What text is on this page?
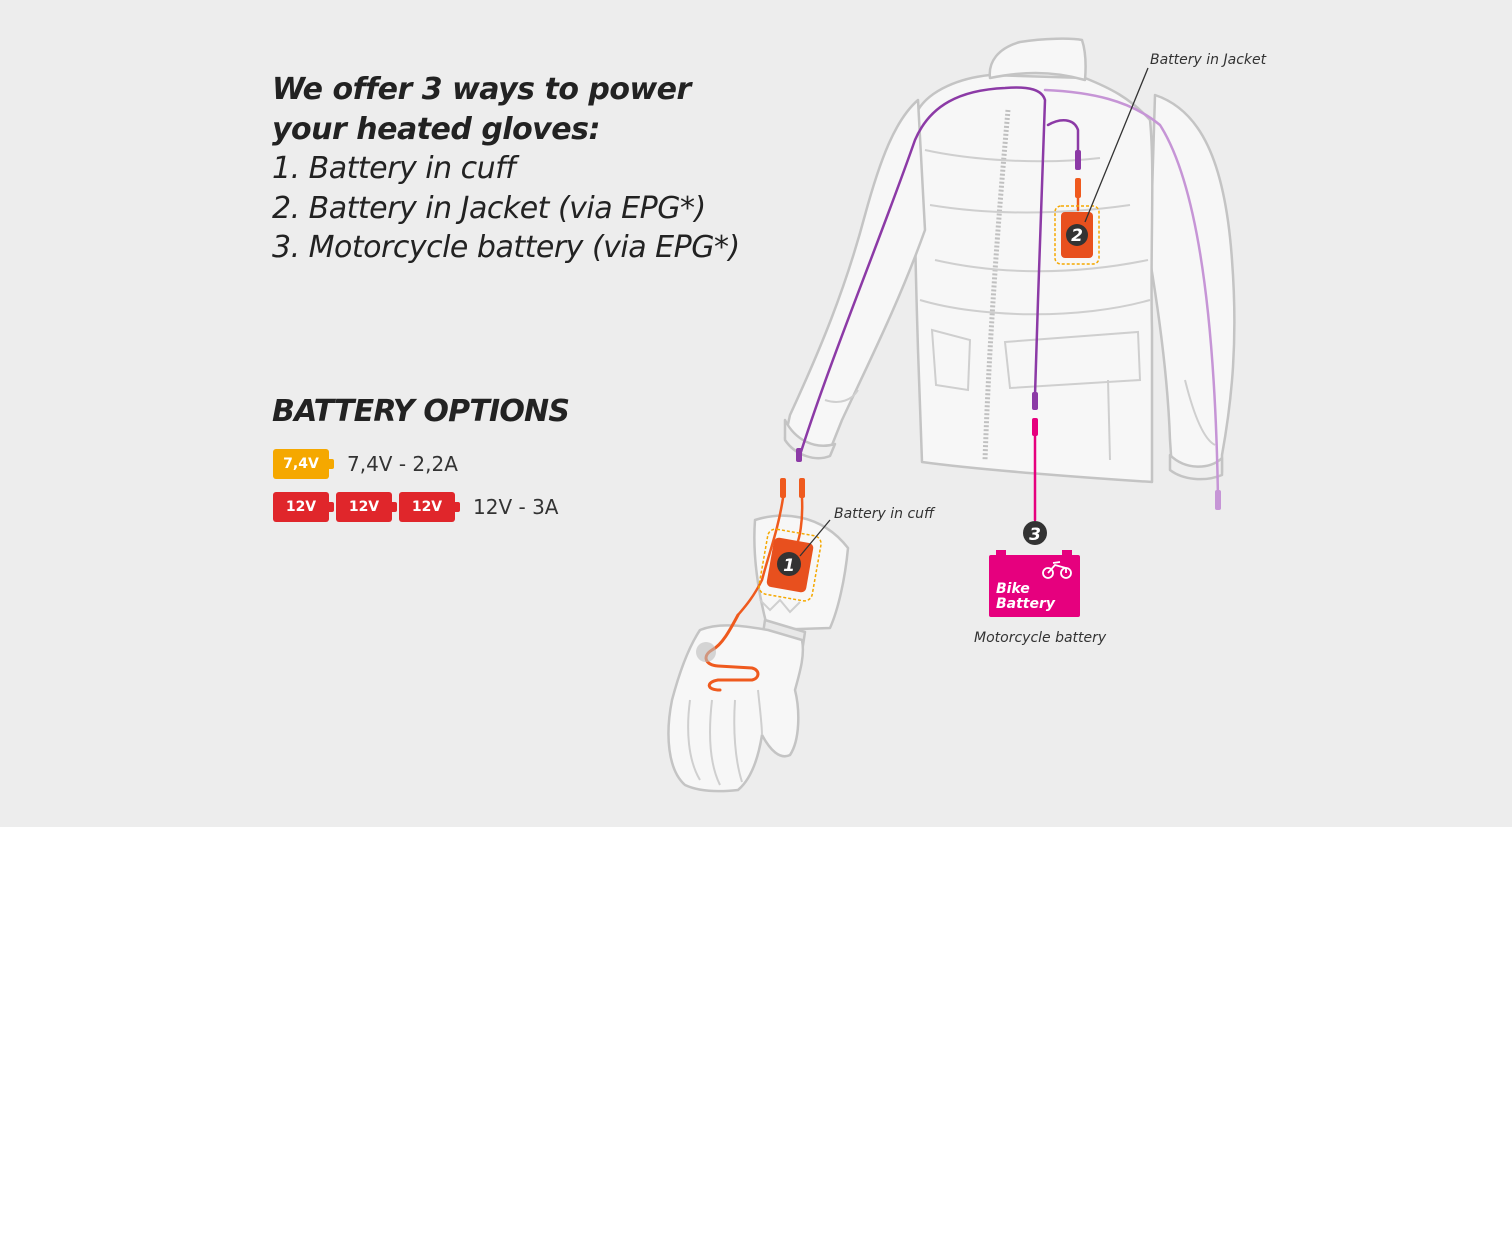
We offer 3 ways to power
your heated gloves:
1. Battery in cuff
2. Battery in Jacket (via EPG*)
3. Motorcycle battery (via EPG*)
BATTERY OPTIONS
7,4V	7,4V - 2,2A
12V	12V	12V	12V - 3A
2
1
Bike
Battery
3
Battery in Jacket
Battery in cuff
Motorcycle battery
